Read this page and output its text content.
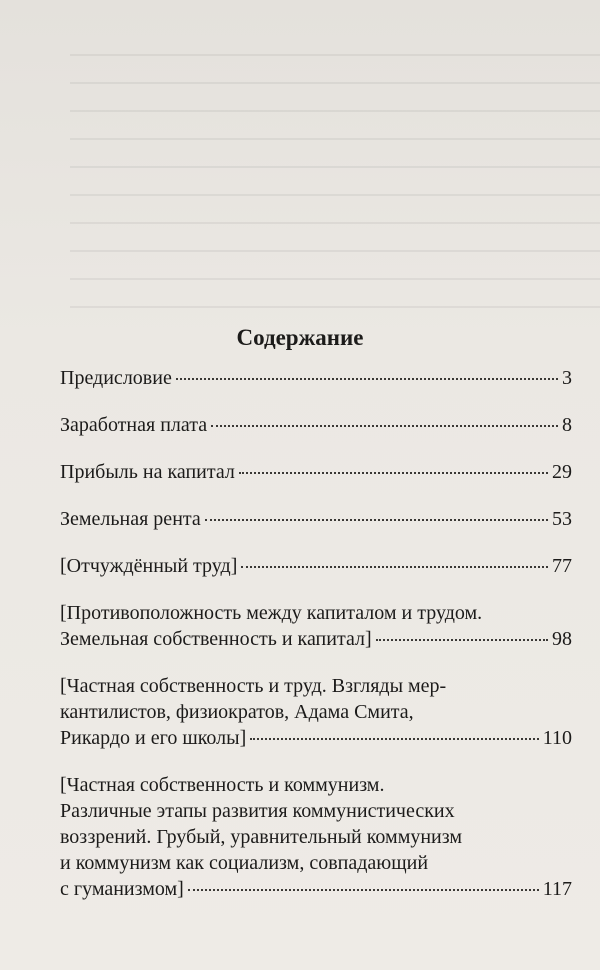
Содержание
Предисловие	3
Заработная плата	8
Прибыль на капитал	29
Земельная рента	53
[Отчуждённый труд]	77
[Противоположность между капиталом и трудом.
Земельная собственность и капитал]	98
[Частная собственность и труд. Взгляды мер-
кантилистов, физиократов, Адама Смита,
Рикардо и его школы]	110
[Частная собственность и коммунизм.
Различные этапы развития коммунистических
воззрений. Грубый, уравнительный коммунизм
и коммунизм как социализм, совпадающий
с гуманизмом]	117
